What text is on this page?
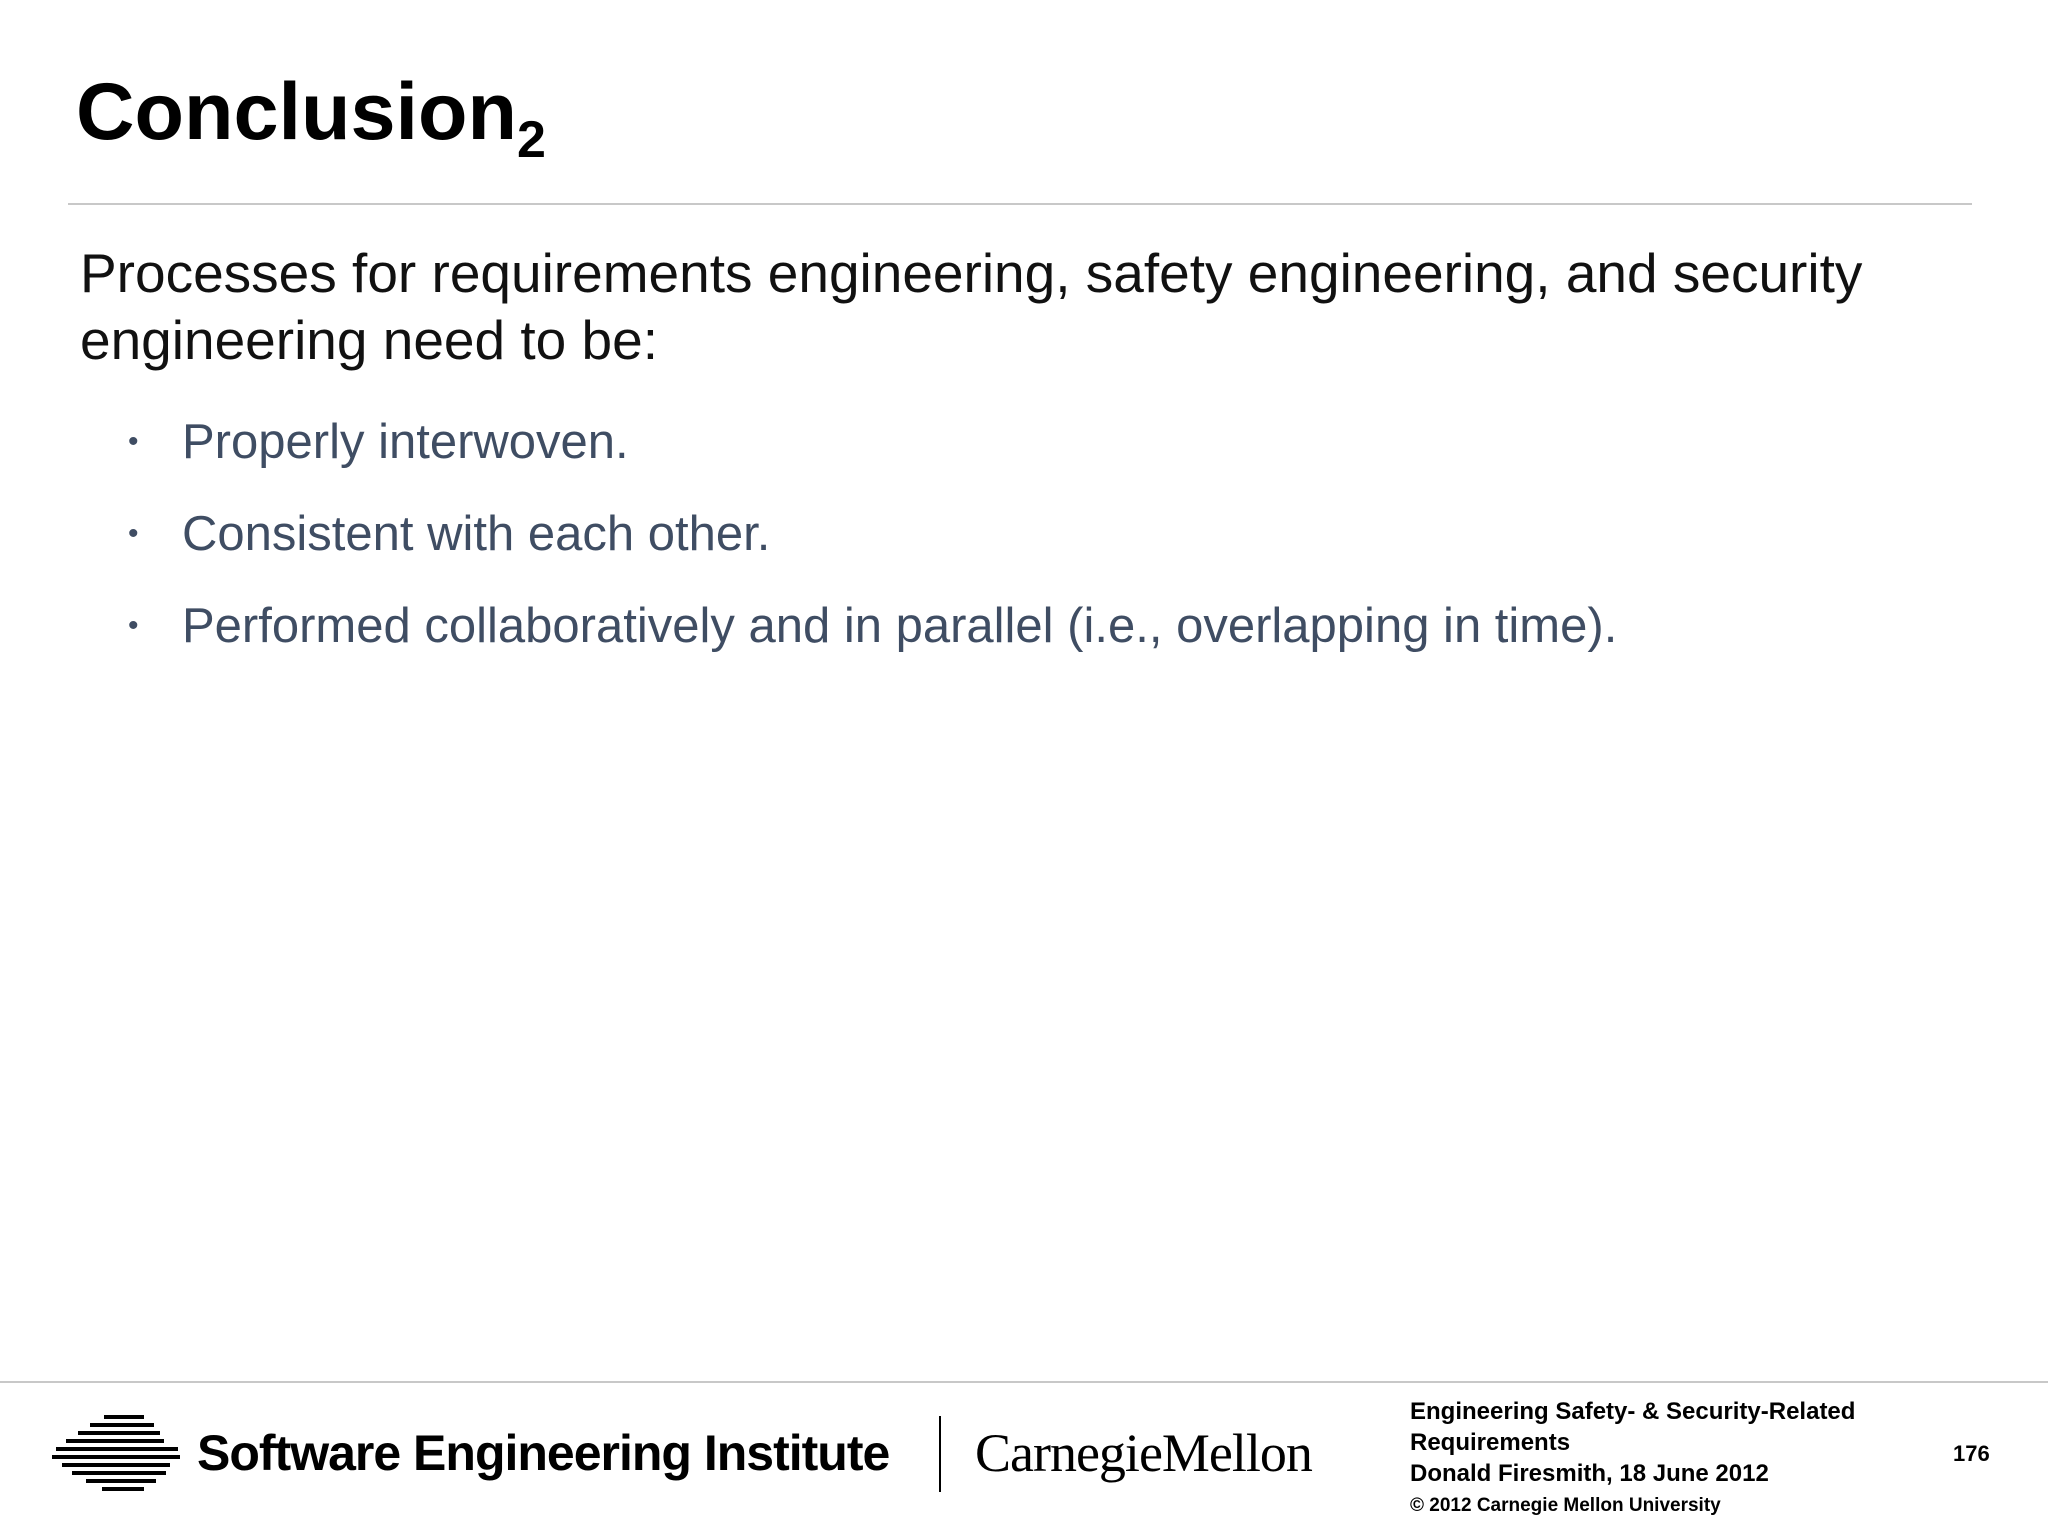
Conclusion$_2$

Processes for requirements engineering, safety engineering, and security engineering need to be:

• Properly interwoven.
• Consistent with each other.
• Performed collaboratively and in parallel (i.e., overlapping in time).
Software Engineering Institute CarnegieMellon
Engineering Safety- & Security-Related
Requirements
Donald Firesmith, 18 June 2012
© 2012 Carnegie Mellon University
176
